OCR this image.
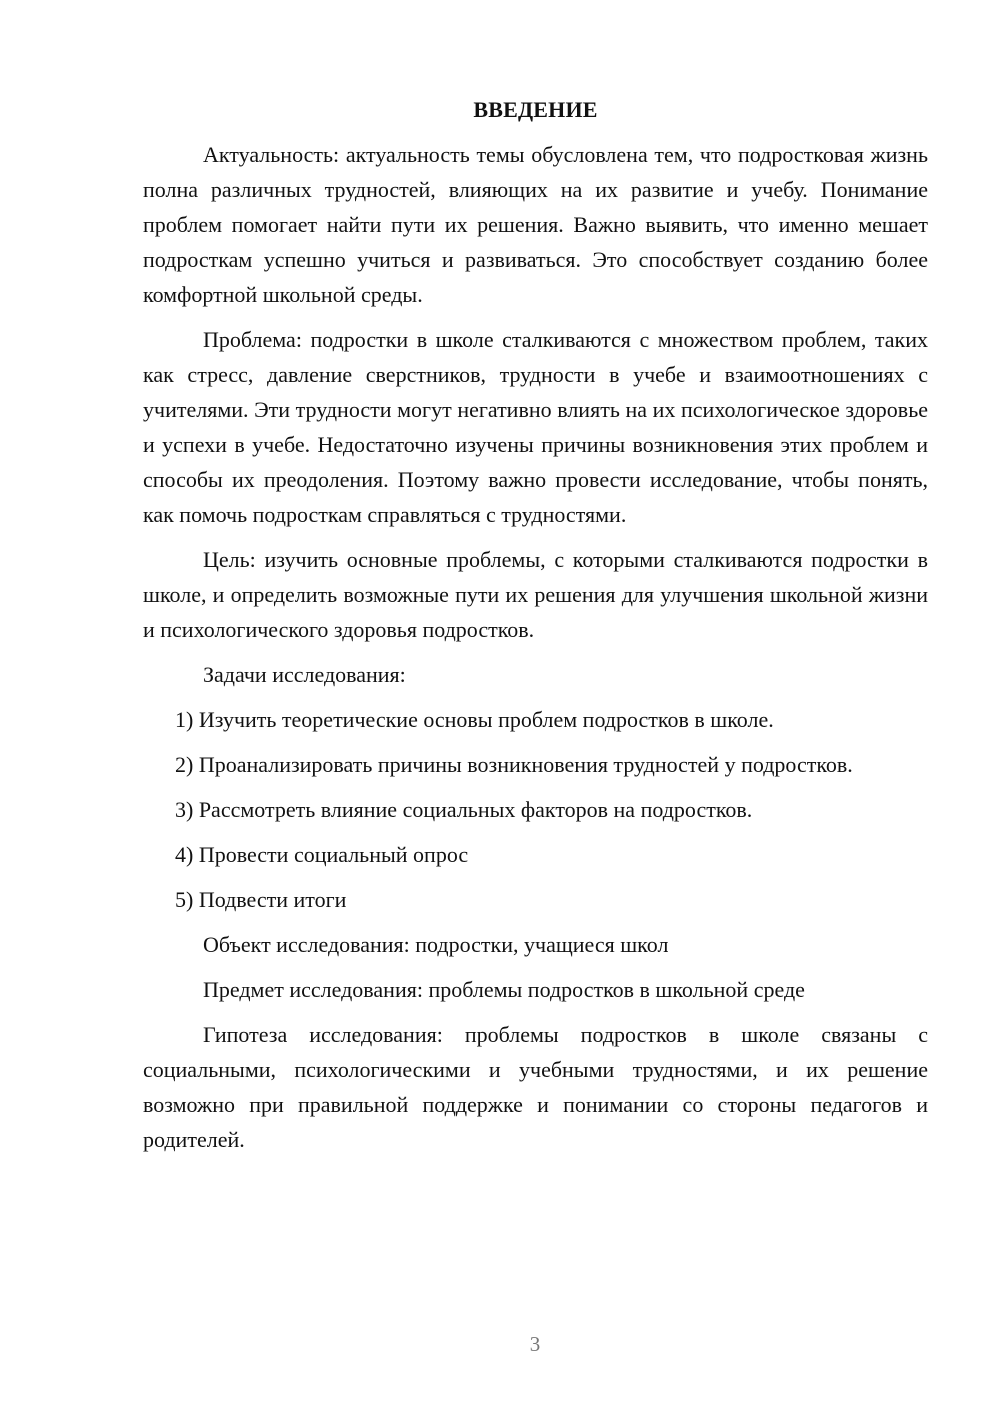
ВВЕДЕНИЕ

Актуальность: актуальность темы обусловлена тем, что подростковая жизнь полна различных трудностей, влияющих на их развитие и учебу. Понимание проблем помогает найти пути их решения. Важно выявить, что именно мешает подросткам успешно учиться и развиваться. Это способствует созданию более комфортной школьной среды.

Проблема: подростки в школе сталкиваются с множеством проблем, таких как стресс, давление сверстников, трудности в учебе и взаимоотношениях с учителями. Эти трудности могут негативно влиять на их психологическое здоровье и успехи в учебе. Недостаточно изучены причины возникновения этих проблем и способы их преодоления. Поэтому важно провести исследование, чтобы понять, как помочь подросткам справляться с трудностями.

Цель: изучить основные проблемы, с которыми сталкиваются подростки в школе, и определить возможные пути их решения для улучшения школьной жизни и психологического здоровья подростков.

Задачи исследования:

1) Изучить теоретические основы проблем подростков в школе.

2) Проанализировать причины возникновения трудностей у подростков.

3) Рассмотреть влияние социальных факторов на подростков.

4) Провести социальный опрос

5) Подвести итоги

Объект исследования: подростки, учащиеся школ

Предмет исследования: проблемы подростков в школьной среде

Гипотеза исследования: проблемы подростков в школе связаны с социальными, психологическими и учебными трудностями, и их решение возможно при правильной поддержке и понимании со стороны педагогов и родителей.

3
